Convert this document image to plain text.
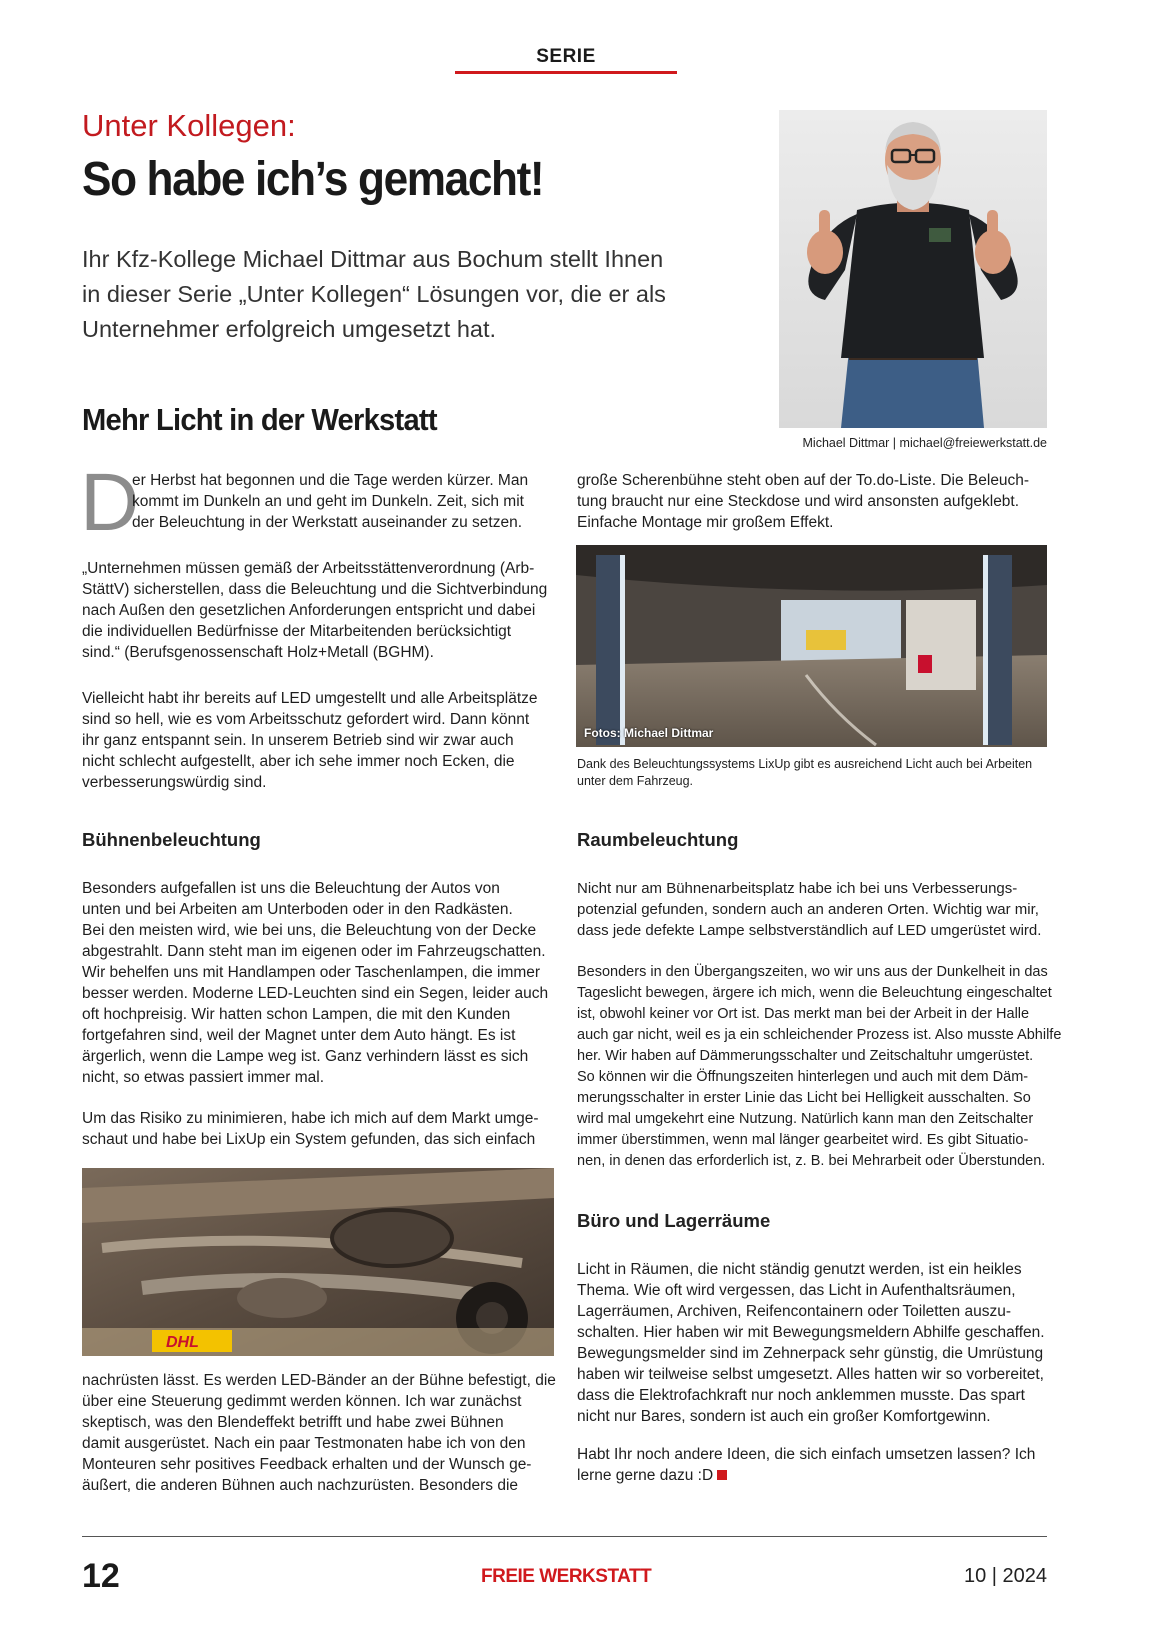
SERIE
Unter Kollegen:
So habe ich’s gemacht!
Ihr Kfz-Kollege Michael Dittmar aus Bochum stellt Ihnen
in dieser Serie „Unter Kollegen“ Lösungen vor, die er als
Unternehmer erfolgreich umgesetzt hat.
Michael Dittmar | michael@freiewerkstatt.de
Mehr Licht in der Werkstatt
D
er Herbst hat begonnen und die Tage werden kürzer. Man
kommt im Dunkeln an und geht im Dunkeln. Zeit, sich mit
der Beleuchtung in der Werkstatt auseinander zu setzen.
„Unternehmen müssen gemäß der Arbeitsstättenverordnung (Arb-
StättV) sicherstellen, dass die Beleuchtung und die Sichtverbindung
nach Außen den gesetzlichen Anforderungen entspricht und dabei
die individuellen Bedürfnisse der Mitarbeitenden berücksichtigt
sind.“ (Berufsgenossenschaft Holz+Metall (BGHM).
Vielleicht habt ihr bereits auf LED umgestellt und alle Arbeitsplätze
sind so hell, wie es vom Arbeitsschutz gefordert wird. Dann könnt
ihr ganz entspannt sein. In unserem Betrieb sind wir zwar auch
nicht schlecht aufgestellt, aber ich sehe immer noch Ecken, die
verbesserungswürdig sind.
Bühnenbeleuchtung
Besonders aufgefallen ist uns die Beleuchtung der Autos von
unten und bei Arbeiten am Unterboden oder in den Radkästen.
Bei den meisten wird, wie bei uns, die Beleuchtung von der Decke
abgestrahlt. Dann steht man im eigenen oder im Fahrzeugschatten.
Wir behelfen uns mit Handlampen oder Taschenlampen, die immer
besser werden. Moderne LED-Leuchten sind ein Segen, leider auch
oft hochpreisig. Wir hatten schon Lampen, die mit den Kunden
fortgefahren sind, weil der Magnet unter dem Auto hängt. Es ist
ärgerlich, wenn die Lampe weg ist. Ganz verhindern lässt es sich
nicht, so etwas passiert immer mal.
Um das Risiko zu minimieren, habe ich mich auf dem Markt umge-
schaut und habe bei LixUp ein System gefunden, das sich einfach
DHL
nachrüsten lässt. Es werden LED-Bänder an der Bühne befestigt, die
über eine Steuerung gedimmt werden können. Ich war zunächst
skeptisch, was den Blendeffekt betrifft und habe zwei Bühnen
damit ausgerüstet. Nach ein paar Testmonaten habe ich von den
Monteuren sehr positives Feedback erhalten und der Wunsch ge-
äußert, die anderen Bühnen auch nachzurüsten. Besonders die
große Scherenbühne steht oben auf der To.do-Liste. Die Beleuch-
tung braucht nur eine Steckdose und wird ansonsten aufgeklebt.
Einfache Montage mir großem Effekt.
Fotos: Michael Dittmar
Dank des Beleuchtungssystems LixUp gibt es ausreichend Licht auch bei Arbeiten
unter dem Fahrzeug.
Raumbeleuchtung
Nicht nur am Bühnenarbeitsplatz habe ich bei uns Verbesserungs-
potenzial gefunden, sondern auch an anderen Orten. Wichtig war mir,
dass jede defekte Lampe selbstverständlich auf LED umgerüstet wird.
Besonders in den Übergangszeiten, wo wir uns aus der Dunkelheit in das
Tageslicht bewegen, ärgere ich mich, wenn die Beleuchtung eingeschaltet
ist, obwohl keiner vor Ort ist. Das merkt man bei der Arbeit in der Halle
auch gar nicht, weil es ja ein schleichender Prozess ist. Also musste Abhilfe
her. Wir haben auf Dämmerungsschalter und Zeitschaltuhr umgerüstet.
So können wir die Öffnungszeiten hinterlegen und auch mit dem Däm-
merungsschalter in erster Linie das Licht bei Helligkeit ausschalten. So
wird mal umgekehrt eine Nutzung. Natürlich kann man den Zeitschalter
immer überstimmen, wenn mal länger gearbeitet wird. Es gibt Situatio-
nen, in denen das erforderlich ist, z. B. bei Mehrarbeit oder Überstunden.
Büro und Lagerräume
Licht in Räumen, die nicht ständig genutzt werden, ist ein heikles
Thema. Wie oft wird vergessen, das Licht in Aufenthaltsräumen,
Lagerräumen, Archiven, Reifencontainern oder Toiletten auszu-
schalten. Hier haben wir mit Bewegungsmeldern Abhilfe geschaffen.
Bewegungsmelder sind im Zehnerpack sehr günstig, die Umrüstung
haben wir teilweise selbst umgesetzt. Alles hatten wir so vorbereitet,
dass die Elektrofachkraft nur noch anklemmen musste. Das spart
nicht nur Bares, sondern ist auch ein großer Komfortgewinn.
Habt Ihr noch andere Ideen, die sich einfach umsetzen lassen? Ich
lerne gerne dazu :D
12	FREIE WERKSTATT	10 | 2024
